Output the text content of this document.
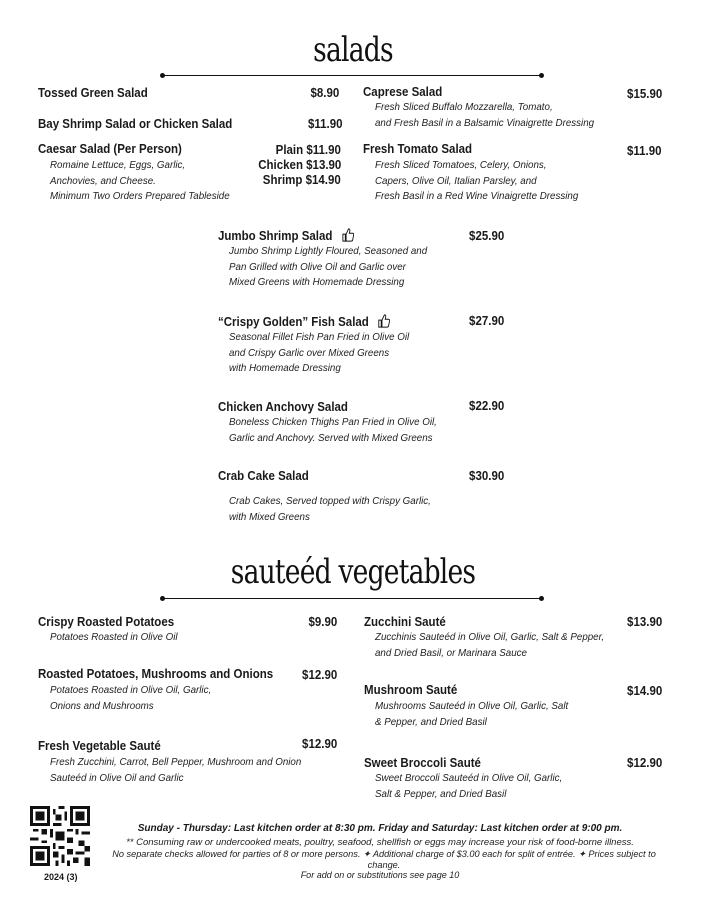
salads
Tossed Green Salad	$8.90
Bay Shrimp Salad or Chicken Salad	$11.90
Caesar Salad (Per Person)	Plain $11.90
Chicken $13.90
Shrimp $14.90
Romaine Lettuce, Eggs, Garlic,
Anchovies, and Cheese.
Minimum Two Orders Prepared Tableside
Caprese Salad	$15.90
Fresh Sliced Buffalo Mozzarella, Tomato,
and Fresh Basil in a Balsamic Vinaigrette Dressing
Fresh Tomato Salad	$11.90
Fresh Sliced Tomatoes, Celery, Onions,
Capers, Olive Oil, Italian Parsley, and
Fresh Basil in a Red Wine Vinaigrette Dressing
Jumbo Shrimp Salad	$25.90
Jumbo Shrimp Lightly Floured, Seasoned and
Pan Grilled with Olive Oil and Garlic over
Mixed Greens with Homemade Dressing
“Crispy Golden” Fish Salad	$27.90
Seasonal Fillet Fish Pan Fried in Olive Oil
and Crispy Garlic over Mixed Greens
with Homemade Dressing
Chicken Anchovy Salad	$22.90
Boneless Chicken Thighs Pan Fried in Olive Oil,
Garlic and Anchovy. Served with Mixed Greens
Crab Cake Salad	$30.90
Crab Cakes, Served topped with Crispy Garlic,
with Mixed Greens
sauteéd vegetables
Crispy Roasted Potatoes	$9.90
Potatoes Roasted in Olive Oil
Roasted Potatoes, Mushrooms and Onions $12.90
Potatoes Roasted in Olive Oil, Garlic,
Onions and Mushrooms
Fresh Vegetable Sauté	$12.90
Fresh Zucchini, Carrot, Bell Pepper, Mushroom and Onion
Sauteéd in Olive Oil and Garlic
Zucchini Sauté	$13.90
Zucchinis Sauteéd in Olive Oil, Garlic, Salt & Pepper,
and Dried Basil, or Marinara Sauce
Mushroom Sauté	$14.90
Mushrooms Sauteéd in Olive Oil, Garlic, Salt
& Pepper, and Dried Basil
Sweet Broccoli Sauté	$12.90
Sweet Broccoli Sauteéd in Olive Oil, Garlic,
Salt & Pepper, and Dried Basil
2024 (3)
Sunday - Thursday: Last kitchen order at 8:30 pm. Friday and Saturday: Last kitchen order at 9:00 pm.
** Consuming raw or undercooked meats, poultry, seafood, shellfish or eggs may increase your risk of food-borne illness.
No separate checks allowed for parties of 8 or more persons. ✦ Additional charge of $3.00 each for split of entrée. ✦ Prices subject to change.
For add on or substitutions see page 10
